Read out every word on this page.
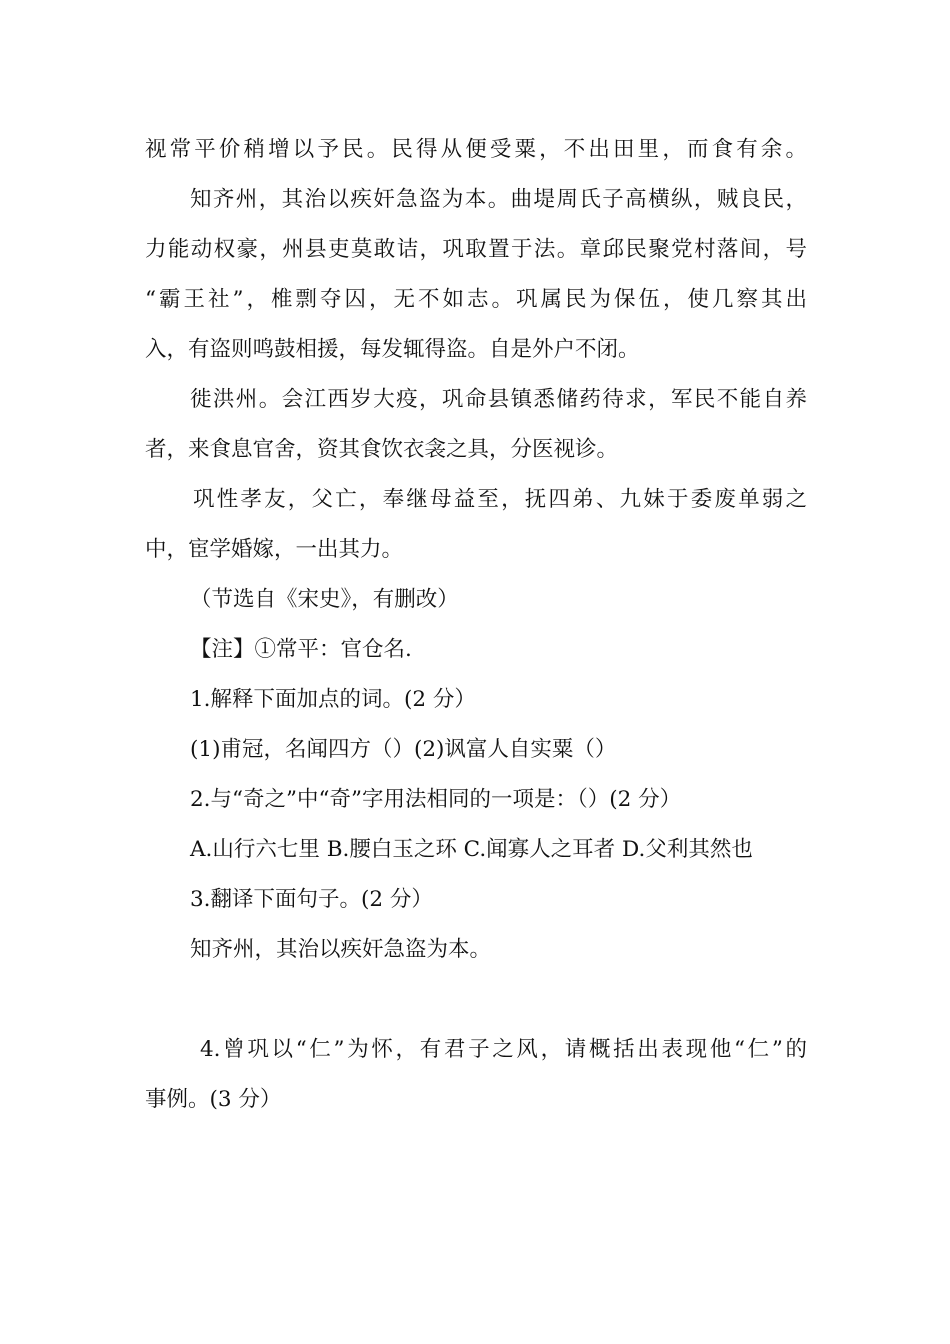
视常平价稍增以予民。民得从便受粟，不出田里，而食有余。
知齐州，其治以疾奸急盗为本。曲堤周氏子高横纵，贼良民，
力能动权豪，州县吏莫敢诘，巩取置于法。章邱民聚党村落间，号
“霸王社”，椎剽夺囚，无不如志。巩属民为保伍，使几察其出
入，有盗则鸣鼓相援，每发辄得盗。自是外户不闭。
徙洪州。会江西岁大疫，巩命县镇悉储药待求，军民不能自养
者，来食息官舍，资其食饮衣衾之具，分医视诊。
巩性孝友，父亡，奉继母益至，抚四弟、九妹于委废单弱之
中，宦学婚嫁，一出其力。
（节选自《宋史》，有删改）
【注】①常平：官仓名.
1.解释下面加点的词。(2 分）
(1)甫冠，名闻四方（）(2)讽富人自实粟（）
2.与“奇之”中“奇”字用法相同的一项是：（）(2 分）
A.山行六七里 B.腰白玉之环 C.闻寡人之耳者 D.父利其然也
3.翻译下面句子。(2 分）
知齐州，其治以疾奸急盗为本。
4.曾巩以“仁”为怀，有君子之风，请概括出表现他“仁”的
事例。(3 分）
